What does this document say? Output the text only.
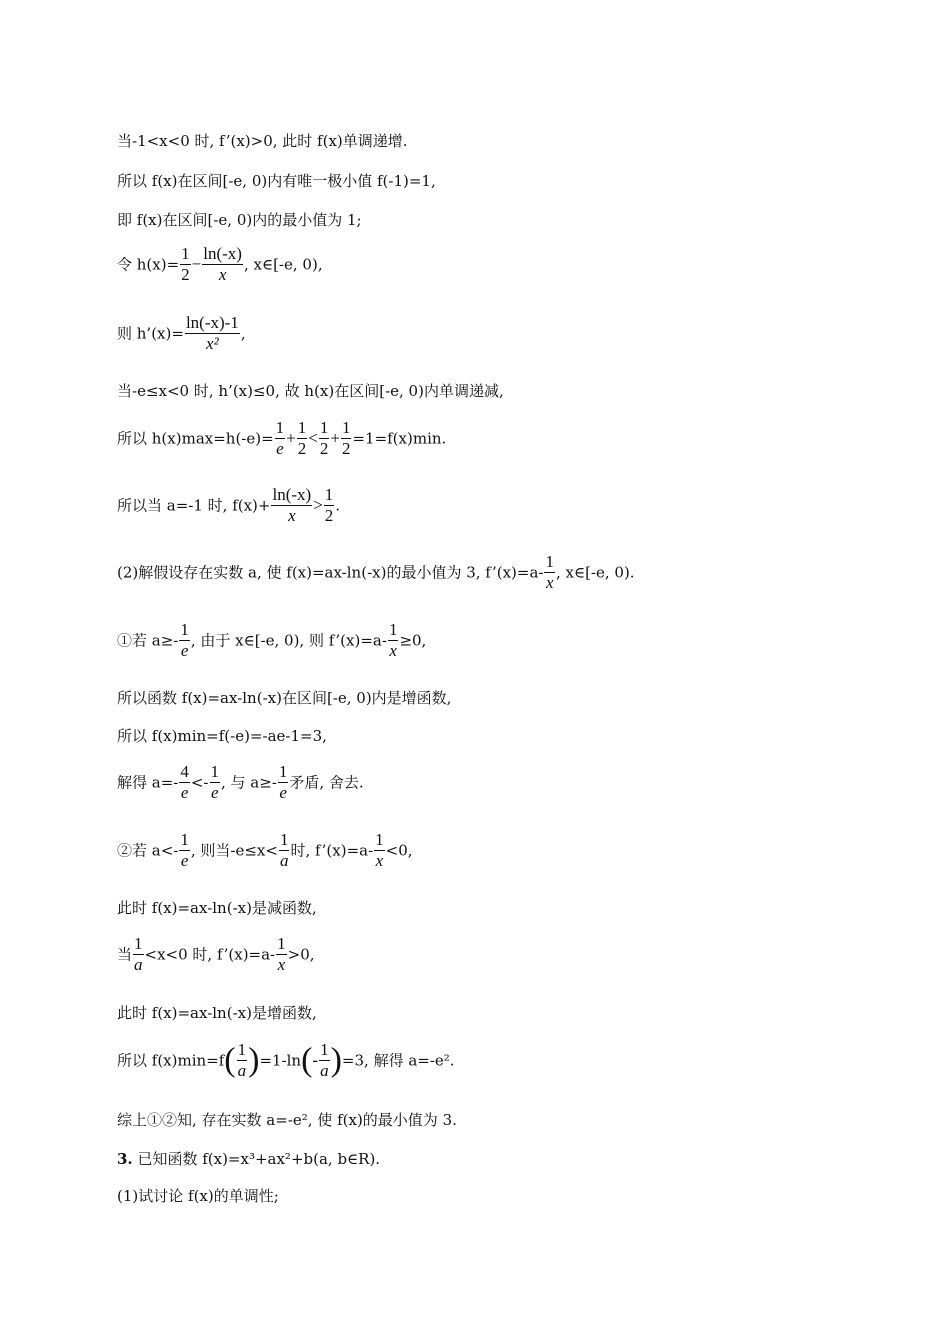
当-1<x<0 时, f’(x)>0, 此时 f(x)单调递增.
所以 f(x)在区间[-e, 0)内有唯一极小值 f(-1)=1,
即 f(x)在区间[-e, 0)内的最小值为 1;
令 $h(x)= \frac{1}{2} - \frac{\ln(-x)}{x}$ , x∈[-e, 0),
则 h’(x)= $\frac{\ln(-x)-1}{\text{x²}}$ ,
当-e≤x<0 时, h’(x)≤0, 故 h(x)在区间[-e, 0)内单调递减,
所以 $h(x)\max=h(-e)= \frac{1}{e} + \frac{1}{2} < \frac{1}{2} + \frac{1}{2} =1=f(x)\min$.
所以当 a=-1 时, $f(x)+ \frac{\ln(-x)}{x} > \frac{1}{2}$ .
(2)解假设存在实数 a, 使 f(x)=ax-ln(-x)的最小值为 3, f’(x)=a- $\frac{1}{x}$ , x∈[-e, 0).
①若 $a\ge- \frac{1}{e}$ , 由于 x∈[-e, 0), 则 f’(x)=a- $\frac{1}{x} \ge 0$,
所以函数 f(x)=ax-ln(-x)在区间[-e, 0)内是增函数,
所以 f(x)min=f(-e)=-ae-1=3,
解得 $a=- \frac{4}{e} <- \frac{1}{e}$ , 与 $a\ge- \frac{1}{e}$ 矛盾, 舍去.
②若 $a<- \frac{1}{e}$ , 则当$-e\le x< \frac{1}{a}$ 时, f’(x)=a- $\frac{1}{x} <0$,
此时 f(x)=ax-ln(-x)是减函数,
当 $\frac{1}{a} <x<0$ 时, f’(x)=a- $\frac{1}{x} >0$,
此时 f(x)=ax-ln(-x)是增函数,
所以 $f(x)\min=f( \frac{1}{a} )=1-\ln(- \frac{1}{a} )=3$, 解得 a=-e².
综上①②知, 存在实数 a=-e², 使 f(x)的最小值为 3.
3. 已知函数 f(x)=x³+ax²+b(a, b∈R).
(1)试讨论 f(x)的单调性;
